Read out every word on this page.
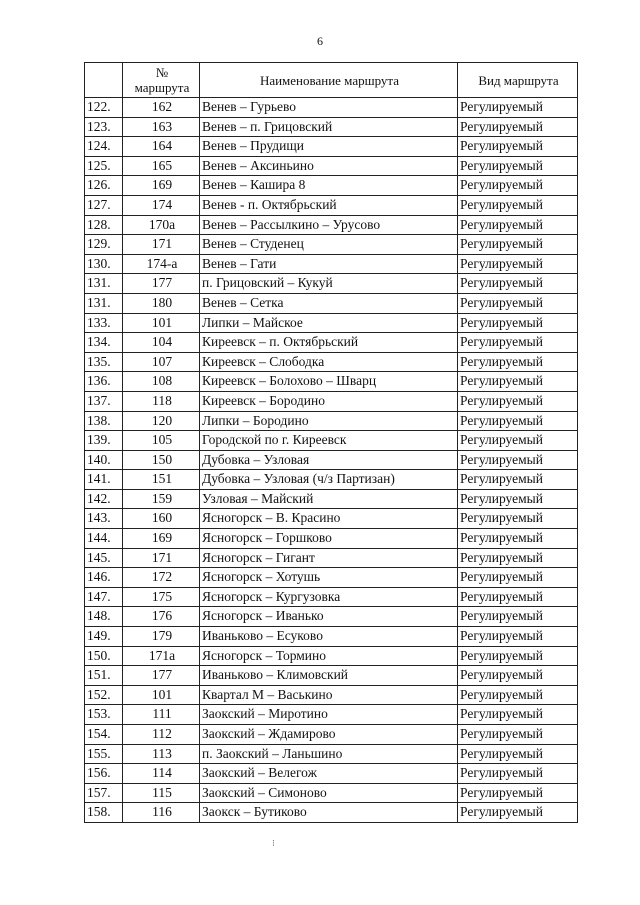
6

	№
маршрута	Наименование маршрута	Вид маршрута
122.	162	Венев – Гурьево	Регулируемый
123.	163	Венев – п. Грицовский	Регулируемый
124.	164	Венев – Прудищи	Регулируемый
125.	165	Венев – Аксиньино	Регулируемый
126.	169	Венев – Кашира 8	Регулируемый
127.	174	Венев - п. Октябрьский	Регулируемый
128.	170а	Венев – Рассылкино – Урусово	Регулируемый
129.	171	Венев – Студенец	Регулируемый
130.	174-а	Венев – Гати	Регулируемый
131.	177	п. Грицовский – Кукуй	Регулируемый
131.	180	Венев – Сетка	Регулируемый
133.	101	Липки – Майское	Регулируемый
134.	104	Киреевск – п. Октябрьский	Регулируемый
135.	107	Киреевск – Слободка	Регулируемый
136.	108	Киреевск – Болохово – Шварц	Регулируемый
137.	118	Киреевск – Бородино	Регулируемый
138.	120	Липки – Бородино	Регулируемый
139.	105	Городской по г. Киреевск	Регулируемый
140.	150	Дубовка – Узловая	Регулируемый
141.	151	Дубовка – Узловая (ч/з Партизан)	Регулируемый
142.	159	Узловая – Майский	Регулируемый
143.	160	Ясногорск – В. Красино	Регулируемый
144.	169	Ясногорск – Горшково	Регулируемый
145.	171	Ясногорск – Гигант	Регулируемый
146.	172	Ясногорск – Хотушь	Регулируемый
147.	175	Ясногорск – Кургузовка	Регулируемый
148.	176	Ясногорск – Иванько	Регулируемый
149.	179	Иваньково – Есуково	Регулируемый
150.	171а	Ясногорск – Тормино	Регулируемый
151.	177	Иваньково – Климовский	Регулируемый
152.	101	Квартал М – Васькино	Регулируемый
153.	111	Заокский – Миротино	Регулируемый
154.	112	Заокский – Ждамирово	Регулируемый
155.	113	п. Заокский – Ланьшино	Регулируемый
156.	114	Заокский – Велегож	Регулируемый
157.	115	Заокский – Симоново	Регулируемый
158.	116	Заокск – Бутиково	Регулируемый
⁝
